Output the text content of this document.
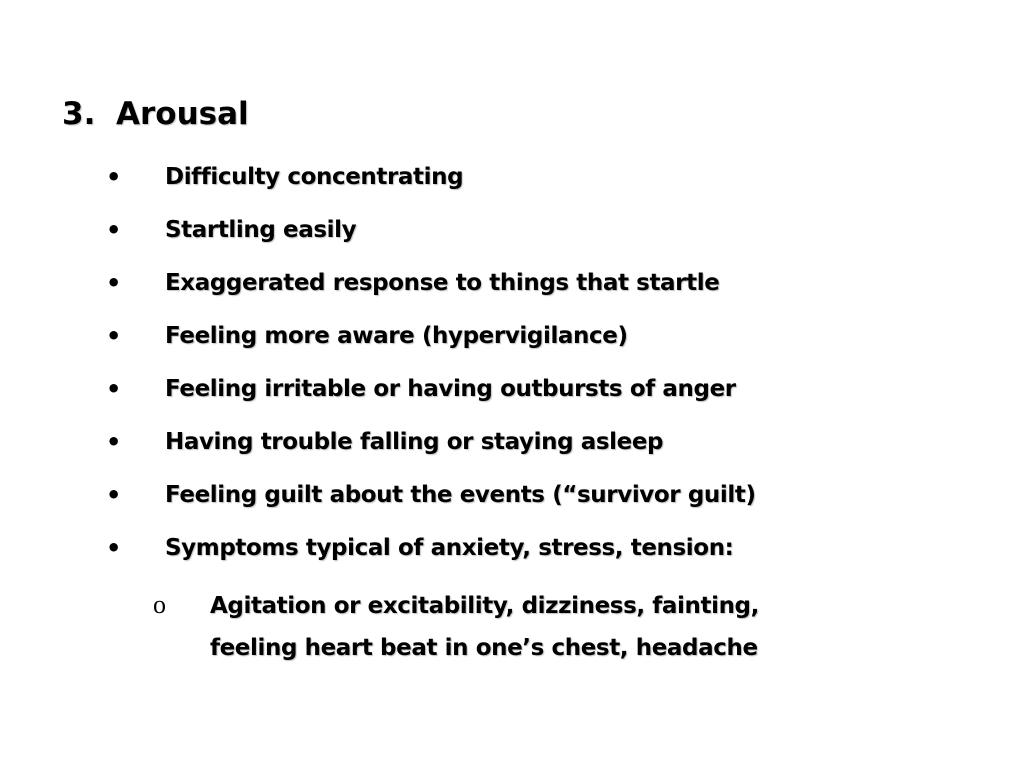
3. Arousal
• Difficulty concentrating
• Startling easily
• Exaggerated response to things that startle
• Feeling more aware (hypervigilance)
• Feeling irritable or having outbursts of anger
• Having trouble falling or staying asleep
• Feeling guilt about the events (“survivor guilt)
• Symptoms typical of anxiety, stress, tension:
o Agitation or excitability, dizziness, fainting,
feeling heart beat in one’s chest, headache
